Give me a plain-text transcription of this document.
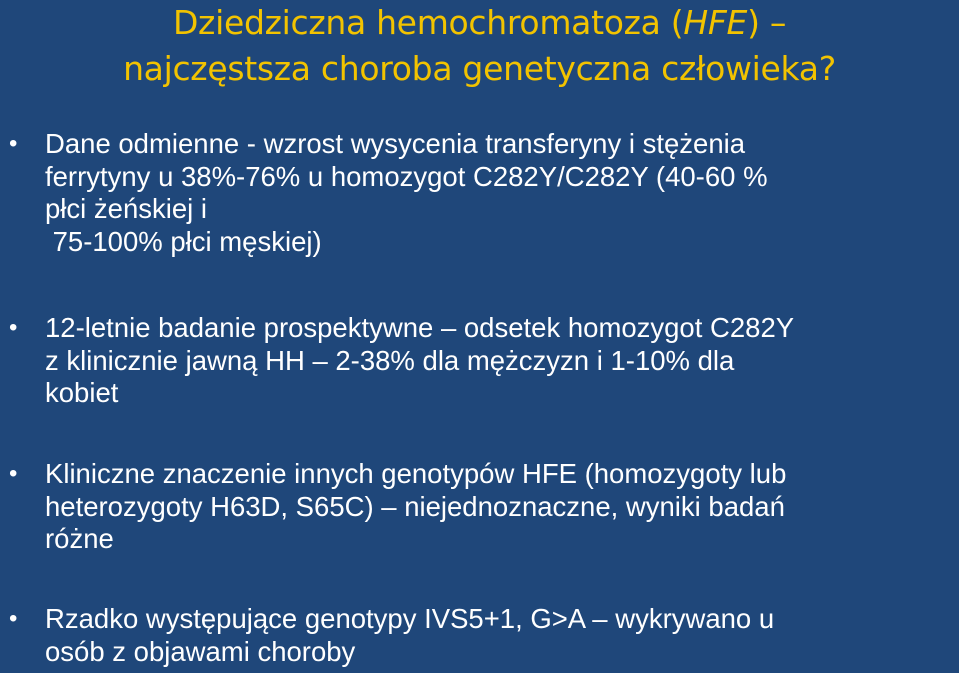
Dziedziczna hemochromatoza (HFE) –
najczęstsza choroba genetyczna człowieka?
• Dane odmienne - wzrost wysycenia transferyny i stężenia
ferrytyny u 38%-76% u homozygot C282Y/C282Y (40-60 %
płci żeńskiej i
75-100% płci męskiej)
• 12-letnie badanie prospektywne – odsetek homozygot C282Y
z klinicznie jawną HH – 2-38% dla mężczyzn i 1-10% dla
kobiet
• Kliniczne znaczenie innych genotypów HFE (homozygoty lub
heterozygoty H63D, S65C) – niejednoznaczne, wyniki badań
różne
• Rzadko występujące genotypy IVS5+1, G>A – wykrywano u
osób z objawami choroby
